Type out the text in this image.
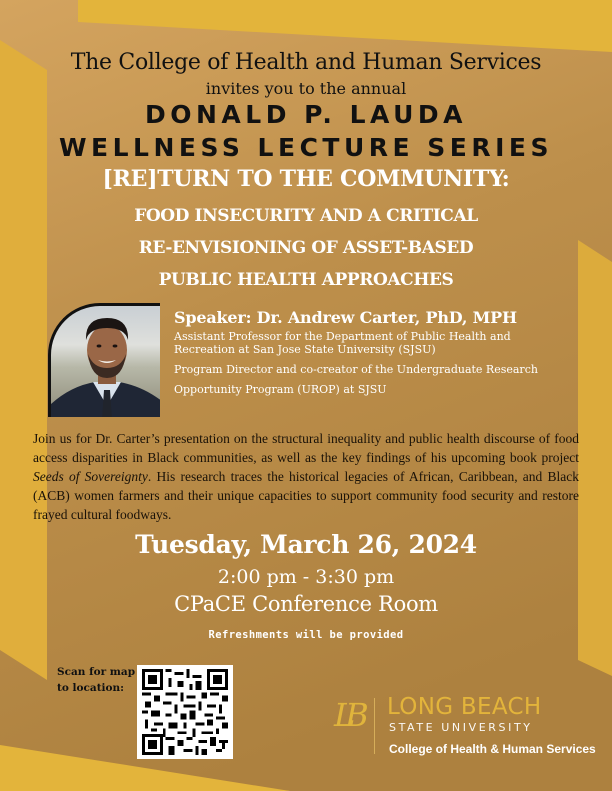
The College of Health and Human Services
invites you to the annual
DONALD P. LAUDA
WELLNESS LECTURE SERIES
[RE]TURN TO THE COMMUNITY:
FOOD INSECURITY AND A CRITICAL
RE-ENVISIONING OF ASSET-BASED
PUBLIC HEALTH APPROACHES
Speaker: Dr. Andrew Carter, PhD, MPH
Assistant Professor for the Department of Public Health and
Recreation at San Jose State University (SJSU)
Program Director and co-creator of the Undergraduate Research
Opportunity Program (UROP) at SJSU
Join us for Dr. Carter’s presentation on the structural inequality and public health discourse of food access disparities in Black communities, as well as the key findings of his upcoming book project Seeds of Sovereignty. His research traces the historical legacies of African, Caribbean, and Black (ACB) women farmers and their unique capacities to support community food security and restore frayed cultural foodways.
Tuesday, March 26, 2024
2:00 pm - 3:30 pm
CPaCE Conference Room
Refreshments will be provided
Scan for map
to location:
LB LONG BEACH
STATE UNIVERSITY
College of Health & Human Services
